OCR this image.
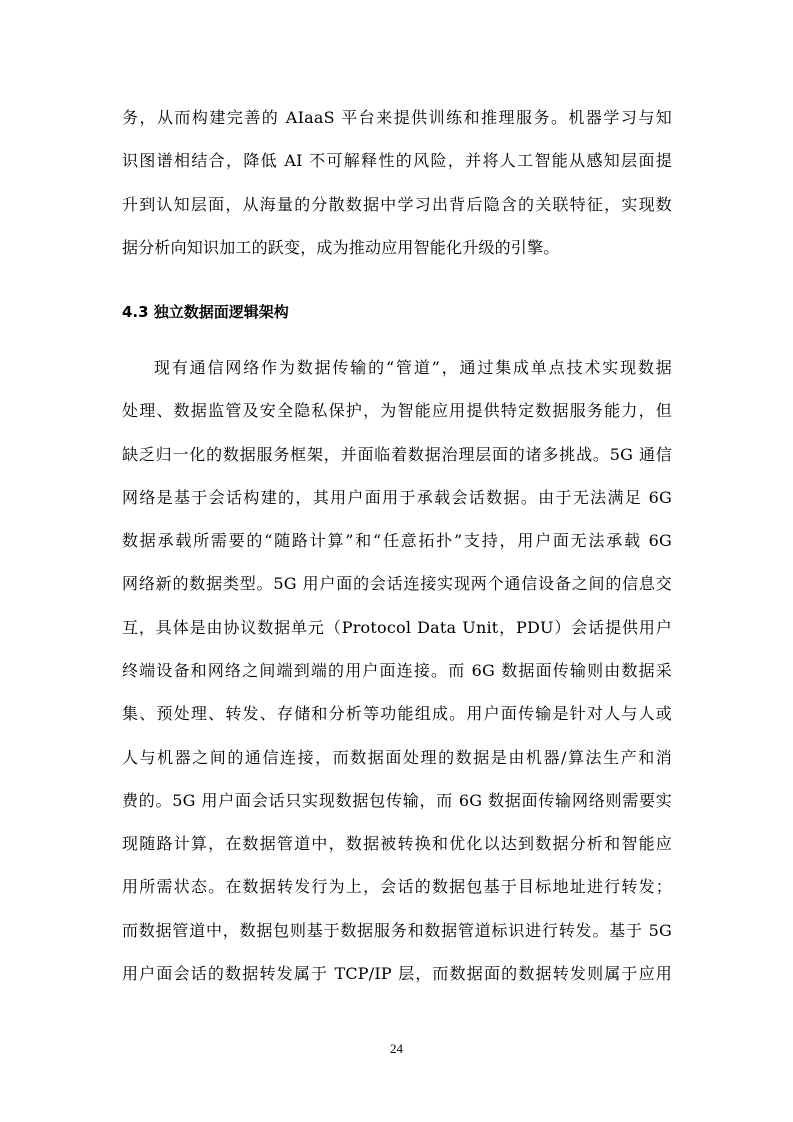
务，从而构建完善的 AIaaS 平台来提供训练和推理服务。机器学习与知
识图谱相结合，降低 AI 不可解释性的风险，并将人工智能从感知层面提
升到认知层面，从海量的分散数据中学习出背后隐含的关联特征，实现数
据分析向知识加工的跃变，成为推动应用智能化升级的引擎。
4.3 独立数据面逻辑架构
现有通信网络作为数据传输的“管道”，通过集成单点技术实现数据
处理、数据监管及安全隐私保护，为智能应用提供特定数据服务能力，但
缺乏归一化的数据服务框架，并面临着数据治理层面的诸多挑战。5G 通信
网络是基于会话构建的，其用户面用于承载会话数据。由于无法满足 6G
数据承载所需要的“随路计算”和“任意拓扑”支持，用户面无法承载 6G
网络新的数据类型。5G 用户面的会话连接实现两个通信设备之间的信息交
互，具体是由协议数据单元（Protocol Data Unit，PDU）会话提供用户
终端设备和网络之间端到端的用户面连接。而 6G 数据面传输则由数据采
集、预处理、转发、存储和分析等功能组成。用户面传输是针对人与人或
人与机器之间的通信连接，而数据面处理的数据是由机器/算法生产和消
费的。5G 用户面会话只实现数据包传输，而 6G 数据面传输网络则需要实
现随路计算，在数据管道中，数据被转换和优化以达到数据分析和智能应
用所需状态。在数据转发行为上，会话的数据包基于目标地址进行转发；
而数据管道中，数据包则基于数据服务和数据管道标识进行转发。基于 5G
用户面会话的数据转发属于 TCP/IP 层，而数据面的数据转发则属于应用
24
